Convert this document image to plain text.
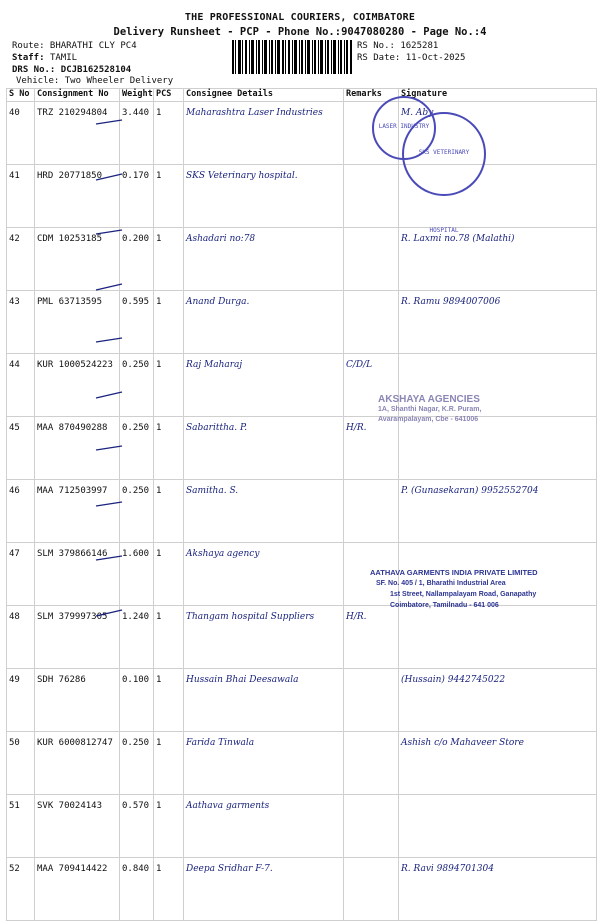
THE PROFESSIONAL COURIERS, COIMBATORE
Delivery Runsheet - PCP - Phone No.:9047080280 - Page No.:4
Route: BHARATHI CLY PC4
Staff: TAMIL
DRS No.: DCJB162528104
Vehicle: Two Wheeler Delivery
RS No.: 1625281
RS Date: 11-Oct-2025
S No	Consignment No	Weight	PCS	Consignee Details	Remarks	Signature
40	TRZ 210294804	3.440	1	Maharashtra Laser Industries		M. Aby
41	HRD 20771850	0.170	1	SKS Veterinary hospital.		
42	CDM 10253185	0.200	1	Ashadari no:78		R. Laxmi no.78 (Malathi)
43	PML 63713595	0.595	1	Anand Durga.		R. Ramu 9894007006
44	KUR 1000524223	0.250	1	Raj Maharaj	C/D/L	
45	MAA 870490288	0.250	1	Sabarittha. P.	H/R.	
46	MAA 712503997	0.250	1	Samitha. S.		P. (Gunasekaran) 9952552704
47	SLM 379866146	1.600	1	Akshaya agency		
48	SLM 379997305	1.240	1	Thangam hospital Suppliers	H/R.	
49	SDH 76286	0.100	1	Hussain Bhai Deesawala		(Hussain) 9442745022
50	KUR 6000812747	0.250	1	Farida Tinwala		Ashish c/o Mahaveer Store
51	SVK 70024143	0.570	1	Aathava garments		
52	MAA 709414422	0.840	1	Deepa Sridhar F-7.		R. Ravi 9894701304
LASER INDUSTRY
SKS VETERINARY HOSPITAL
AKSHAYA AGENCIES
1A, Shanthi Nagar, K.R. Puram,
Avarampalayam, Cbe - 641006
AATHAVA GARMENTS INDIA PRIVATE LIMITED
SF. No. 405 / 1, Bharathi Industrial Area
1st Street, Nallampalayam Road, Ganapathy
Coimbatore, Tamilnadu - 641 006
